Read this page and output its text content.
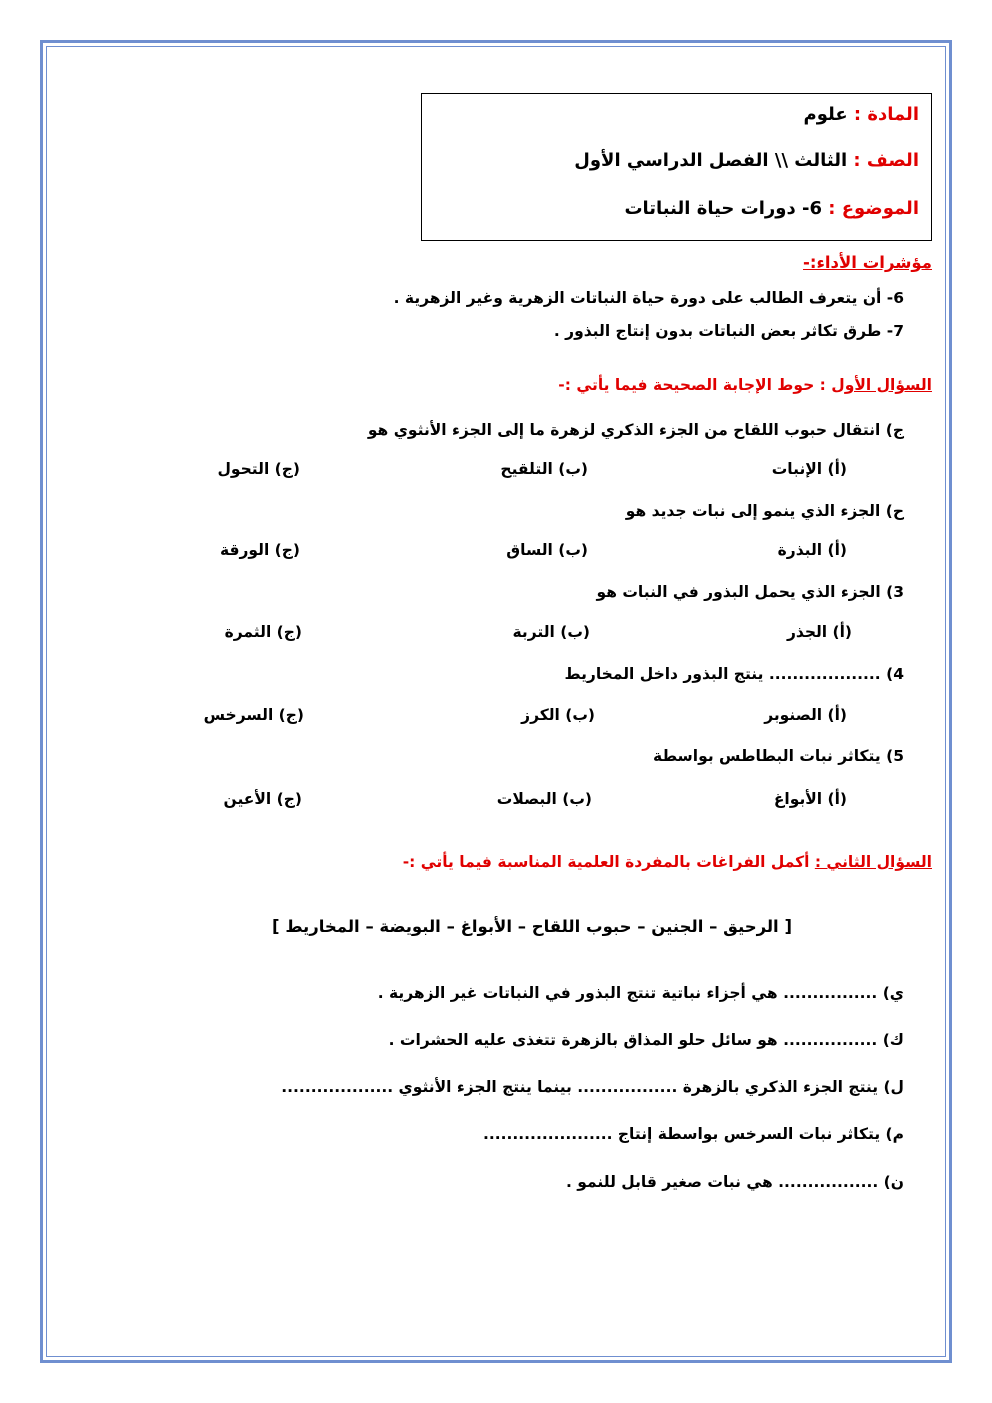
المادة : علوم
الصف : الثالث \\ الفصل الدراسي الأول
الموضوع : 6- دورات حياة النباتات
مؤشرات الأداء:-
6- أن يتعرف الطالب على دورة حياة النباتات الزهرية وغير الزهرية .
7- طرق تكاثر بعض النباتات بدون إنتاج البذور .
السؤال الأول : حوط الإجابة الصحيحة فيما يأتي :-
ج) انتقال حبوب اللقاح من الجزء الذكري لزهرة ما إلى الجزء الأنثوي هو
(أ) الإنبات
(ب) التلقيح
(ج) التحول
ح) الجزء الذي ينمو إلى نبات جديد هو
(أ) البذرة
(ب) الساق
(ج) الورقة
3) الجزء الذي يحمل البذور في النبات هو
(أ) الجذر
(ب) التربة
(ج) الثمرة
4) ................... ينتج البذور داخل المخاريط
(أ) الصنوبر
(ب) الكرز
(ج) السرخس
5) يتكاثر نبات البطاطس بواسطة
(أ) الأبواغ
(ب) البصلات
(ج) الأعين
السؤال الثاني : أكمل الفراغات بالمفردة العلمية المناسبة فيما يأتي :-
[ الرحيق – الجنين – حبوب اللقاح – الأبواغ – البويضة – المخاريط ]
ي) ................ هي أجزاء نباتية تنتج البذور في النباتات غير الزهرية .
ك) ................ هو سائل حلو المذاق بالزهرة تتغذى عليه الحشرات .
ل) ينتج الجزء الذكري بالزهرة ................. بينما ينتج الجزء الأنثوي ...................
م) يتكاثر نبات السرخس بواسطة إنتاج ......................
ن) ................. هي نبات صغير قابل للنمو .
